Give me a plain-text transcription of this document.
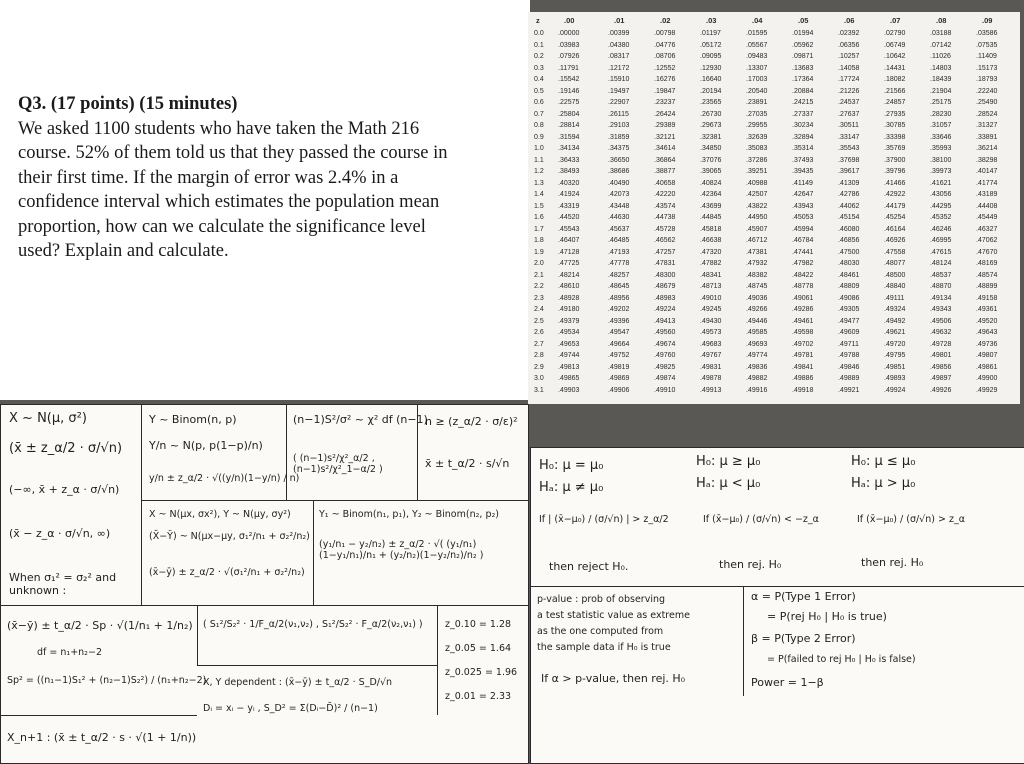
Q3. (17 points) (15 minutes)
We asked 1100 students who have taken the Math 216 course. 52% of them told us that they passed the course in their first time. If the margin of error was 2.4% in a confidence interval which estimates the population mean proportion, how can we calculate the significance level used? Explain and calculate.
z	.00	.01	.02	.03	.04	.05	.06	.07	.08	.09
0.0 .00000	.00399	.00798	.01197	.01595	.01994	.02392	.02790	.03188	.03586
0.1 .03983	.04380	.04776	.05172	.05567	.05962	.06356	.06749	.07142	.07535
0.2 .07926	.08317	.08706	.09095	.09483	.09871	.10257	.10642	.11026	.11409
0.3 .11791	.12172	.12552	.12930	.13307	.13683	.14058	.14431	.14803	.15173
0.4 .15542	.15910	.16276	.16640	.17003	.17364	.17724	.18082	.18439	.18793
0.5 .19146	.19497	.19847	.20194	.20540	.20884	.21226	.21566	.21904	.22240
0.6 .22575	.22907	.23237	.23565	.23891	.24215	.24537	.24857	.25175	.25490
0.7 .25804	.26115	.26424	.26730	.27035	.27337	.27637	.27935	.28230	.28524
0.8 .28814	.29103	.29389	.29673	.29955	.30234	.30511	.30785	.31057	.31327
0.9 .31594	.31859	.32121	.32381	.32639	.32894	.33147	.33398	.33646	.33891
1.0 .34134	.34375	.34614	.34850	.35083	.35314	.35543	.35769	.35993	.36214
1.1 .36433	.36650	.36864	.37076	.37286	.37493	.37698	.37900	.38100	.38298
1.2 .38493	.38686	.38877	.39065	.39251	.39435	.39617	.39796	.39973	.40147
1.3 .40320	.40490	.40658	.40824	.40988	.41149	.41309	.41466	.41621	.41774
1.4 .41924	.42073	.42220	.42364	.42507	.42647	.42786	.42922	.43056	.43189
1.5 .43319	.43448	.43574	.43699	.43822	.43943	.44062	.44179	.44295	.44408
1.6 .44520	.44630	.44738	.44845	.44950	.45053	.45154	.45254	.45352	.45449
1.7 .45543	.45637	.45728	.45818	.45907	.45994	.46080	.46164	.46246	.46327
1.8 .46407	.46485	.46562	.46638	.46712	.46784	.46856	.46926	.46995	.47062
1.9 .47128	.47193	.47257	.47320	.47381	.47441	.47500	.47558	.47615	.47670
2.0 .47725	.47778	.47831	.47882	.47932	.47982	.48030	.48077	.48124	.48169
2.1 .48214	.48257	.48300	.48341	.48382	.48422	.48461	.48500	.48537	.48574
2.2 .48610	.48645	.48679	.48713	.48745	.48778	.48809	.48840	.48870	.48899
2.3 .48928	.48956	.48983	.49010	.49036	.49061	.49086	.49111	.49134	.49158
2.4 .49180	.49202	.49224	.49245	.49266	.49286	.49305	.49324	.49343	.49361
2.5 .49379	.49396	.49413	.49430	.49446	.49461	.49477	.49492	.49506	.49520
2.6 .49534	.49547	.49560	.49573	.49585	.49598	.49609	.49621	.49632	.49643
2.7 .49653	.49664	.49674	.49683	.49693	.49702	.49711	.49720	.49728	.49736
2.8 .49744	.49752	.49760	.49767	.49774	.49781	.49788	.49795	.49801	.49807
2.9 .49813	.49819	.49825	.49831	.49836	.49841	.49846	.49851	.49856	.49861
3.0 .49865	.49869	.49874	.49878	.49882	.49886	.49889	.49893	.49897	.49900
3.1 .49903	.49906	.49910	.49913	.49916	.49918	.49921	.49924	.49926	.49929
X ~ N(μ, σ²)
(x̄ ± z_α/2 · σ/√n)
(−∞, x̄ + z_α · σ/√n)
(x̄ − z_α · σ/√n, ∞)
When σ₁² = σ₂² and unknown :
(x̄−ȳ) ± t_α/2 · Sp · √(1/n₁ + 1/n₂)
df = n₁+n₂−2
Sp² = ((n₁−1)S₁² + (n₂−1)S₂²) / (n₁+n₂−2)
X_n+1 : (x̄ ± t_α/2 · s · √(1 + 1/n))
Y ~ Binom(n, p)
Y/n ~ N(p, p(1−p)/n)
y/n ± z_α/2 · √((y/n)(1−y/n) / n)
(n−1)S²/σ² ~ χ² df (n−1)
( (n−1)s²/χ²_α/2 , (n−1)s²/χ²_1−α/2 )
n ≥ (z_α/2 · σ/ε)²
x̄ ± t_α/2 · s/√n
X ~ N(μx, σx²), Y ~ N(μy, σy²)
(X̄−Ȳ) ~ N(μx−μy, σ₁²/n₁ + σ₂²/n₂)
(x̄−ȳ) ± z_α/2 · √(σ₁²/n₁ + σ₂²/n₂)
Y₁ ~ Binom(n₁, p₁), Y₂ ~ Binom(n₂, p₂)
(y₁/n₁ − y₂/n₂) ± z_α/2 · √( (y₁/n₁)(1−y₁/n₁)/n₁ + (y₂/n₂)(1−y₂/n₂)/n₂ )
( S₁²/S₂² · 1/F_α/2(ν₁,ν₂) , S₁²/S₂² · F_α/2(ν₂,ν₁) )
X, Y dependent : (x̄−ȳ) ± t_α/2 · S_D/√n
Dᵢ = xᵢ − yᵢ , S_D² = Σ(Dᵢ−D̄)² / (n−1)
z_0.10 = 1.28
z_0.05 = 1.64
z_0.025 = 1.96
z_0.01 = 2.33
H₀: μ = μ₀
Hₐ: μ ≠ μ₀
If | (x̄−μ₀) / (σ/√n) | > z_α/2
then reject H₀.
H₀: μ ≥ μ₀
Hₐ: μ < μ₀
If (x̄−μ₀) / (σ/√n) < −z_α
then rej. H₀
H₀: μ ≤ μ₀
Hₐ: μ > μ₀
If (x̄−μ₀) / (σ/√n) > z_α
then rej. H₀
p-value : prob of observing
a test statistic value as extreme
as the one computed from
the sample data if H₀ is true
If α > p-value, then rej. H₀
α = P(Type 1 Error)
= P(rej H₀ | H₀ is true)
β = P(Type 2 Error)
= P(failed to rej H₀ | H₀ is false)
Power = 1−β
